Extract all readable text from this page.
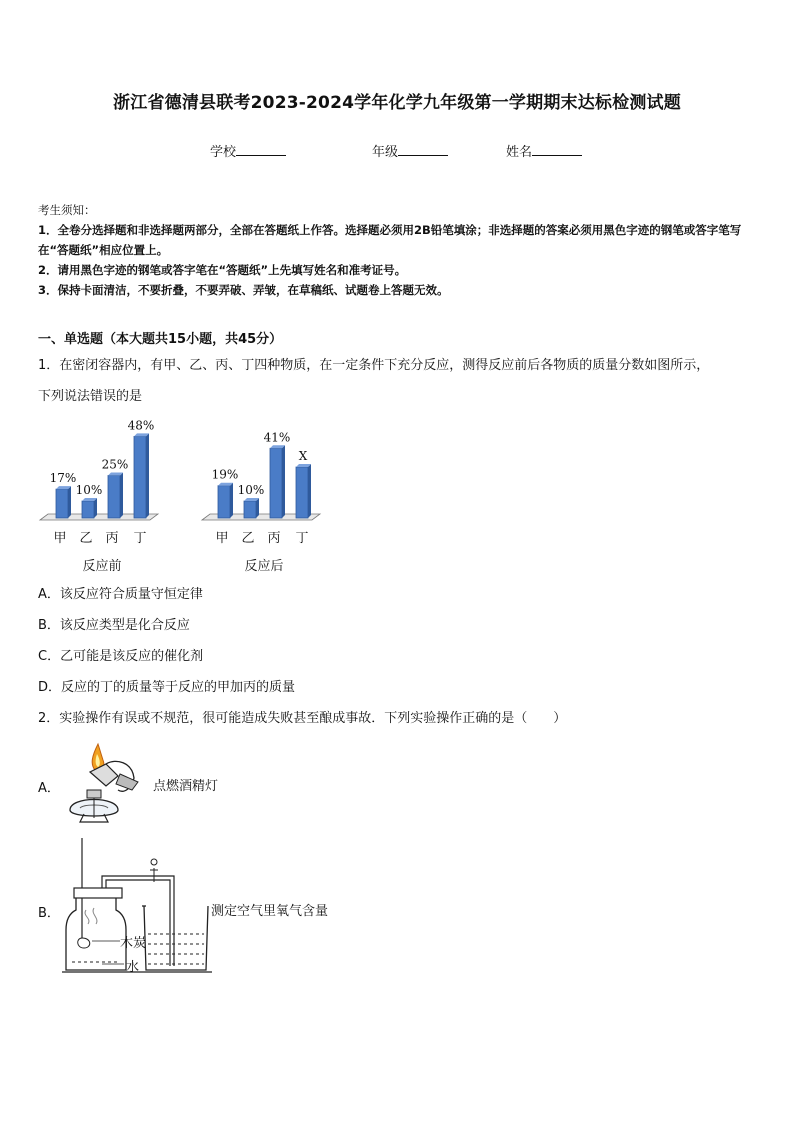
浙江省德清县联考2023-2024学年化学九年级第一学期期末达标检测试题
学校	年级	姓名
考生须知：
1．全卷分选择题和非选择题两部分，全部在答题纸上作答。选择题必须用2B铅笔填涂；非选择题的答案必须用黑色字迹的钢笔或答字笔写在“答题纸”相应位置上。
2．请用黑色字迹的钢笔或答字笔在“答题纸”上先填写姓名和准考证号。
3．保持卡面清洁，不要折叠，不要弄破、弄皱，在草稿纸、试题卷上答题无效。
一、单选题（本大题共15小题，共45分）
1．在密闭容器内，有甲、乙、丙、丁四种物质，在一定条件下充分反应，测得反应前后各物质的质量分数如图所示，
下列说法错误的是
17%
甲
10%
乙
25%
丙
48%
丁
反应前
19%
甲
10%
乙
41%
丙
X
丁
反应后
A．该反应符合质量守恒定律
B．该反应类型是化合反应
C．乙可能是该反应的催化剂
D．反应的丁的质量等于反应的甲加丙的质量
2．实验操作有误或不规范，很可能造成失败甚至酿成事故．下列实验操作正确的是（　　）
A．	点燃酒精灯
B．
木炭
水
测定空气里氧气含量
